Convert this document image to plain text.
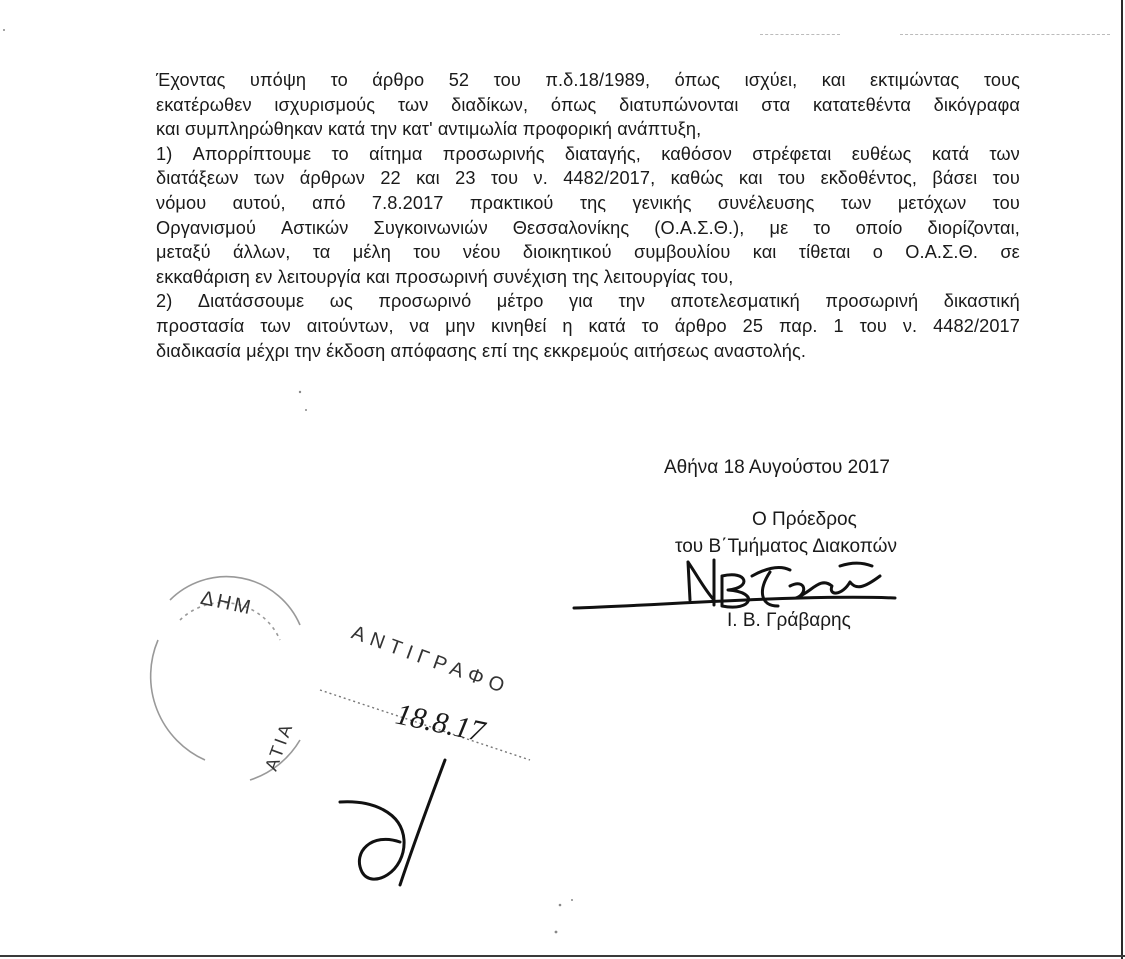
Έχοντας υπόψη το άρθρο 52 του π.δ.18/1989, όπως ισχύει, και εκτιμώντας τους
εκατέρωθεν ισχυρισμούς των διαδίκων, όπως διατυπώνονται στα κατατεθέντα δικόγραφα
και συμπληρώθηκαν κατά την κατ' αντιμωλία προφορική ανάπτυξη,
1) Απορρίπτουμε το αίτημα προσωρινής διαταγής, καθόσον στρέφεται ευθέως κατά των
διατάξεων των άρθρων 22 και 23 του ν. 4482/2017, καθώς και του εκδοθέντος, βάσει του
νόμου αυτού, από 7.8.2017 πρακτικού της γενικής συνέλευσης των μετόχων του
Οργανισμού Αστικών Συγκοινωνιών Θεσσαλονίκης (Ο.Α.Σ.Θ.), με το οποίο διορίζονται,
μεταξύ άλλων, τα μέλη του νέου διοικητικού συμβουλίου και τίθεται ο Ο.Α.Σ.Θ. σε
εκκαθάριση εν λειτουργία και προσωρινή συνέχιση της λειτουργίας του,
2) Διατάσσουμε ως προσωρινό μέτρο για την αποτελεσματική προσωρινή δικαστική
προστασία των αιτούντων, να μην κινηθεί η κατά το άρθρο 25 παρ. 1 του ν. 4482/2017
διαδικασία μέχρι την έκδοση απόφασης επί της εκκρεμούς αιτήσεως αναστολής.
Αθήνα 18 Αυγούστου 2017
Ο Πρόεδρος
του Β΄Τμήματος Διακοπών
Ι. Β. Γράβαρης
ΔΗΜ
ΑΤΙΑ
ΑΝΤΙΓΡΑΦΟ
18.8.17
